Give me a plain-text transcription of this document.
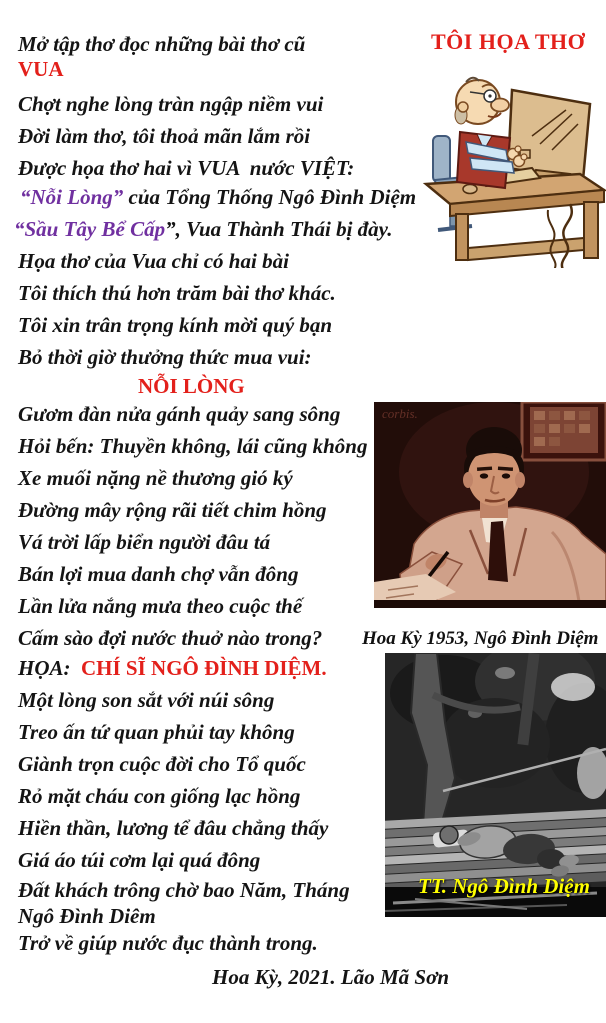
TÔI HỌA THƠ
Mở tập thơ đọc những bài thơ cũ
VUA
Chợt nghe lòng tràn ngập niềm vui
Đời làm thơ, tôi thoả mãn lắm rồi
Được họa thơ hai vì VUA  nước VIỆT:
“Nỗi Lòng” của Tổng Thống Ngô Đình Diệm
“Sầu Tây Bể Cấp”, Vua Thành Thái bị đày.
Họa thơ của Vua chỉ có hai bài
Tôi thích thú hơn trăm bài thơ khác.
Tôi xin trân trọng kính mời quý bạn
Bỏ thời giờ thưởng thức mua vui:
NỖI LÒNG
Gươm đàn nửa gánh quảy sang sông
Hỏi bến: Thuyền không, lái cũng không
Xe muối nặng nề thương gió ký
Đường mây rộng rãi tiết chim hồng
Vá trời lấp biển người đâu tá
Bán lợi mua danh chợ vẫn đông
Lần lửa nắng mưa theo cuộc thế
Cấm sào đợi nước thuở nào trong?
HỌA:  CHÍ SĨ NGÔ ĐÌNH DIỆM.
Một lòng son sắt với núi sông
Treo ấn tứ quan phủi tay không
Giành trọn cuộc đời cho Tổ quốc
Rỏ mặt cháu con giống lạc hồng
Hiền thần, lương tể đâu chẳng thấy
Giá áo túi cơm lại quá đông
Đất khách trông chờ bao Năm, Tháng
Ngô Đình Diêm
Trở về giúp nước đục thành trong.
Hoa Kỳ, 2021. Lão Mã Sơn
corbis.
Hoa Kỳ 1953, Ngô Đình Diệm
TT. Ngô Đình Diệm
